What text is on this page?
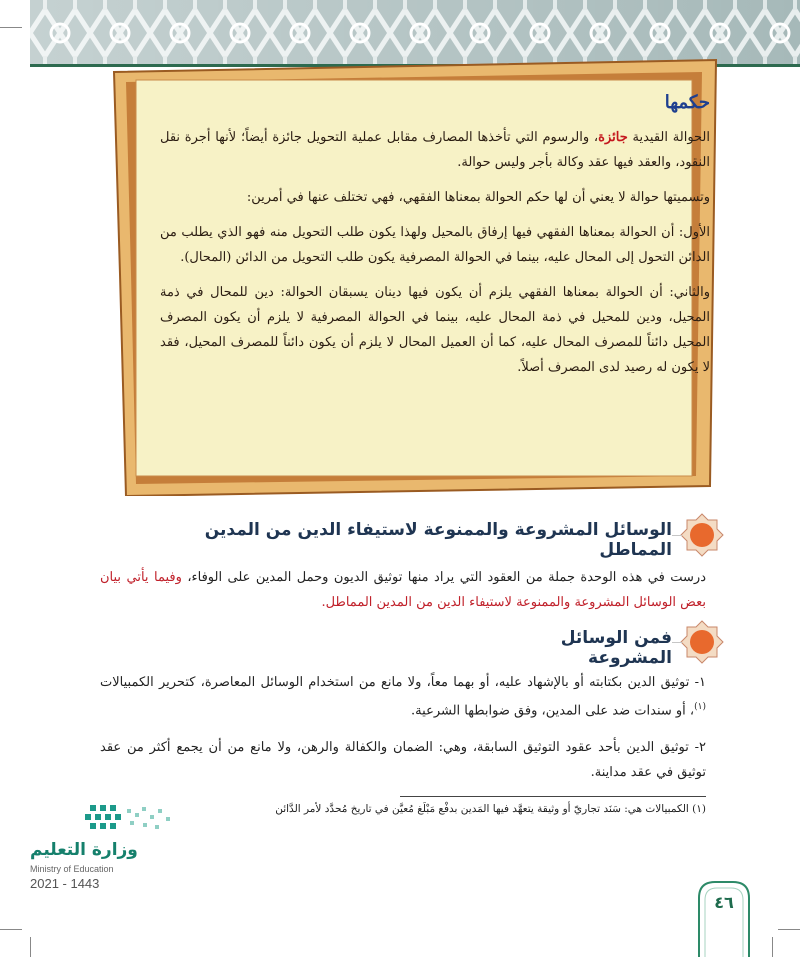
حكمها
الحوالة القيدية جائزة، والرسوم التي تأخذها المصارف مقابل عملية التحويل جائزة أيضاً؛ لأنها أجرة نقل النقود، والعقد فيها عقد وكالة بأجر وليس حوالة.
وتسميتها حوالة لا يعني أن لها حكم الحوالة بمعناها الفقهي، فهي تختلف عنها في أمرين:
الأول: أن الحوالة بمعناها الفقهي فيها إرفاق بالمحيل ولهذا يكون طلب التحويل منه فهو الذي يطلب من الدائن التحول إلى المحال عليه، بينما في الحوالة المصرفية يكون طلب التحويل من الدائن (المحال).
والثاني: أن الحوالة بمعناها الفقهي يلزم أن يكون فيها دينان يسبقان الحوالة: دين للمحال في ذمة المحيل، ودين للمحيل في ذمة المحال عليه، بينما في الحوالة المصرفية لا يلزم أن يكون المصرف المحيل دائناً للمصرف المحال عليه، كما أن العميل المحال لا يلزم أن يكون دائناً للمصرف المحيل، فقد لا يكون له رصيد لدى المصرف أصلاً.
الوسائل المشروعة والممنوعة لاستيفاء الدين من المدين المماطل
درست في هذه الوحدة جملة من العقود التي يراد منها توثيق الديون وحمل المدين على الوفاء، وفيما يأتي بيان بعض الوسائل المشروعة والممنوعة لاستيفاء الدين من المدين المماطل.
فمن الوسائل المشروعة
١- توثيق الدين بكتابته أو بالإشهاد عليه، أو بهما معاً، ولا مانع من استخدام الوسائل المعاصرة، كتحرير الكمبيالات $^{(١)}$، أو سندات ضد على المدين، وفق ضوابطها الشرعية.
٢- توثيق الدين بأحد عقود التوثيق السابقة، وهي: الضمان والكفالة والرهن، ولا مانع من أن يجمع أكثر من عقد توثيق في عقد مداينة.
(١) الكمبيالات هي: سَنَد تجاريّ أو وثيقة يتعهَّد فيها المَدين بدفْع مَبْلَغ مُعيَّن في تاريخ مُحدَّد لأمر الدَّائن
وزارة التعليم
Ministry of Education
2021 - 1443
٤٦
